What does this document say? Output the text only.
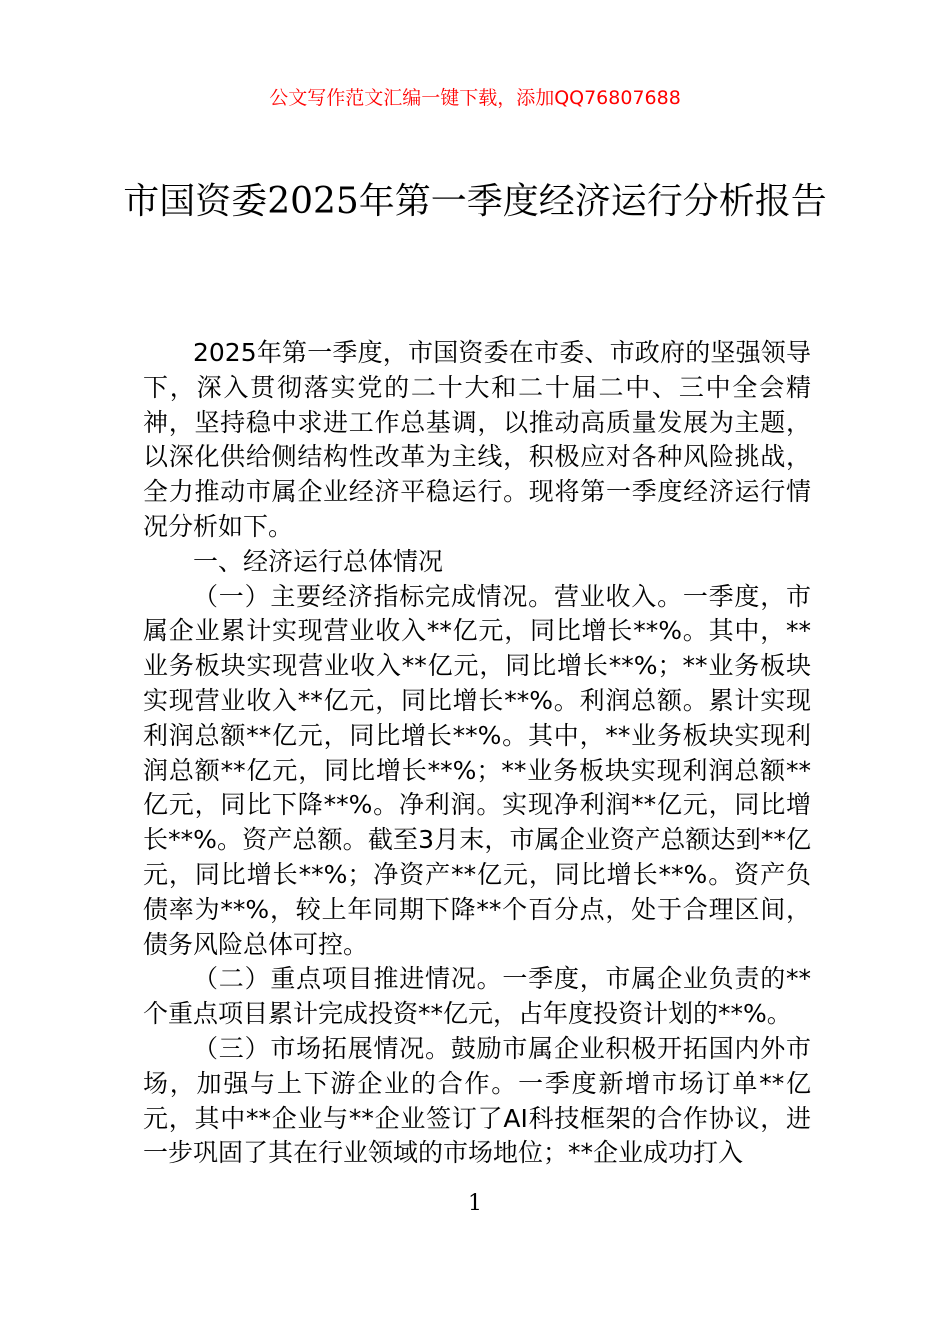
公文写作范文汇编一键下载，添加QQ76807688
市国资委2025年第一季度经济运行分析报告

2025年第一季度，市国资委在市委、市政府的坚强领导下，深入贯彻落实党的二十大和二十届二中、三中全会精神，坚持稳中求进工作总基调，以推动高质量发展为主题，以深化供给侧结构性改革为主线，积极应对各种风险挑战，全力推动市属企业经济平稳运行。现将第一季度经济运行情况分析如下。

一、经济运行总体情况

（一）主要经济指标完成情况。营业收入。一季度，市属企业累计实现营业收入**亿元，同比增长**%。其中，**业务板块实现营业收入**亿元，同比增长**%；**业务板块实现营业收入**亿元，同比增长**%。利润总额。累计实现利润总额**亿元，同比增长**%。其中，**业务板块实现利润总额**亿元，同比增长**%；**业务板块实现利润总额**亿元，同比下降**%。净利润。实现净利润**亿元，同比增长**%。资产总额。截至3月末，市属企业资产总额达到**亿元，同比增长**%；净资产**亿元，同比增长**%。资产负债率为**%，较上年同期下降**个百分点，处于合理区间，债务风险总体可控。

（二）重点项目推进情况。一季度，市属企业负责的**个重点项目累计完成投资**亿元，占年度投资计划的**%。

（三）市场拓展情况。鼓励市属企业积极开拓国内外市场，加强与上下游企业的合作。一季度新增市场订单**亿元，其中**企业与**企业签订了AI科技框架的合作协议，进一步巩固了其在行业领域的市场地位；**企业成功打入

1
